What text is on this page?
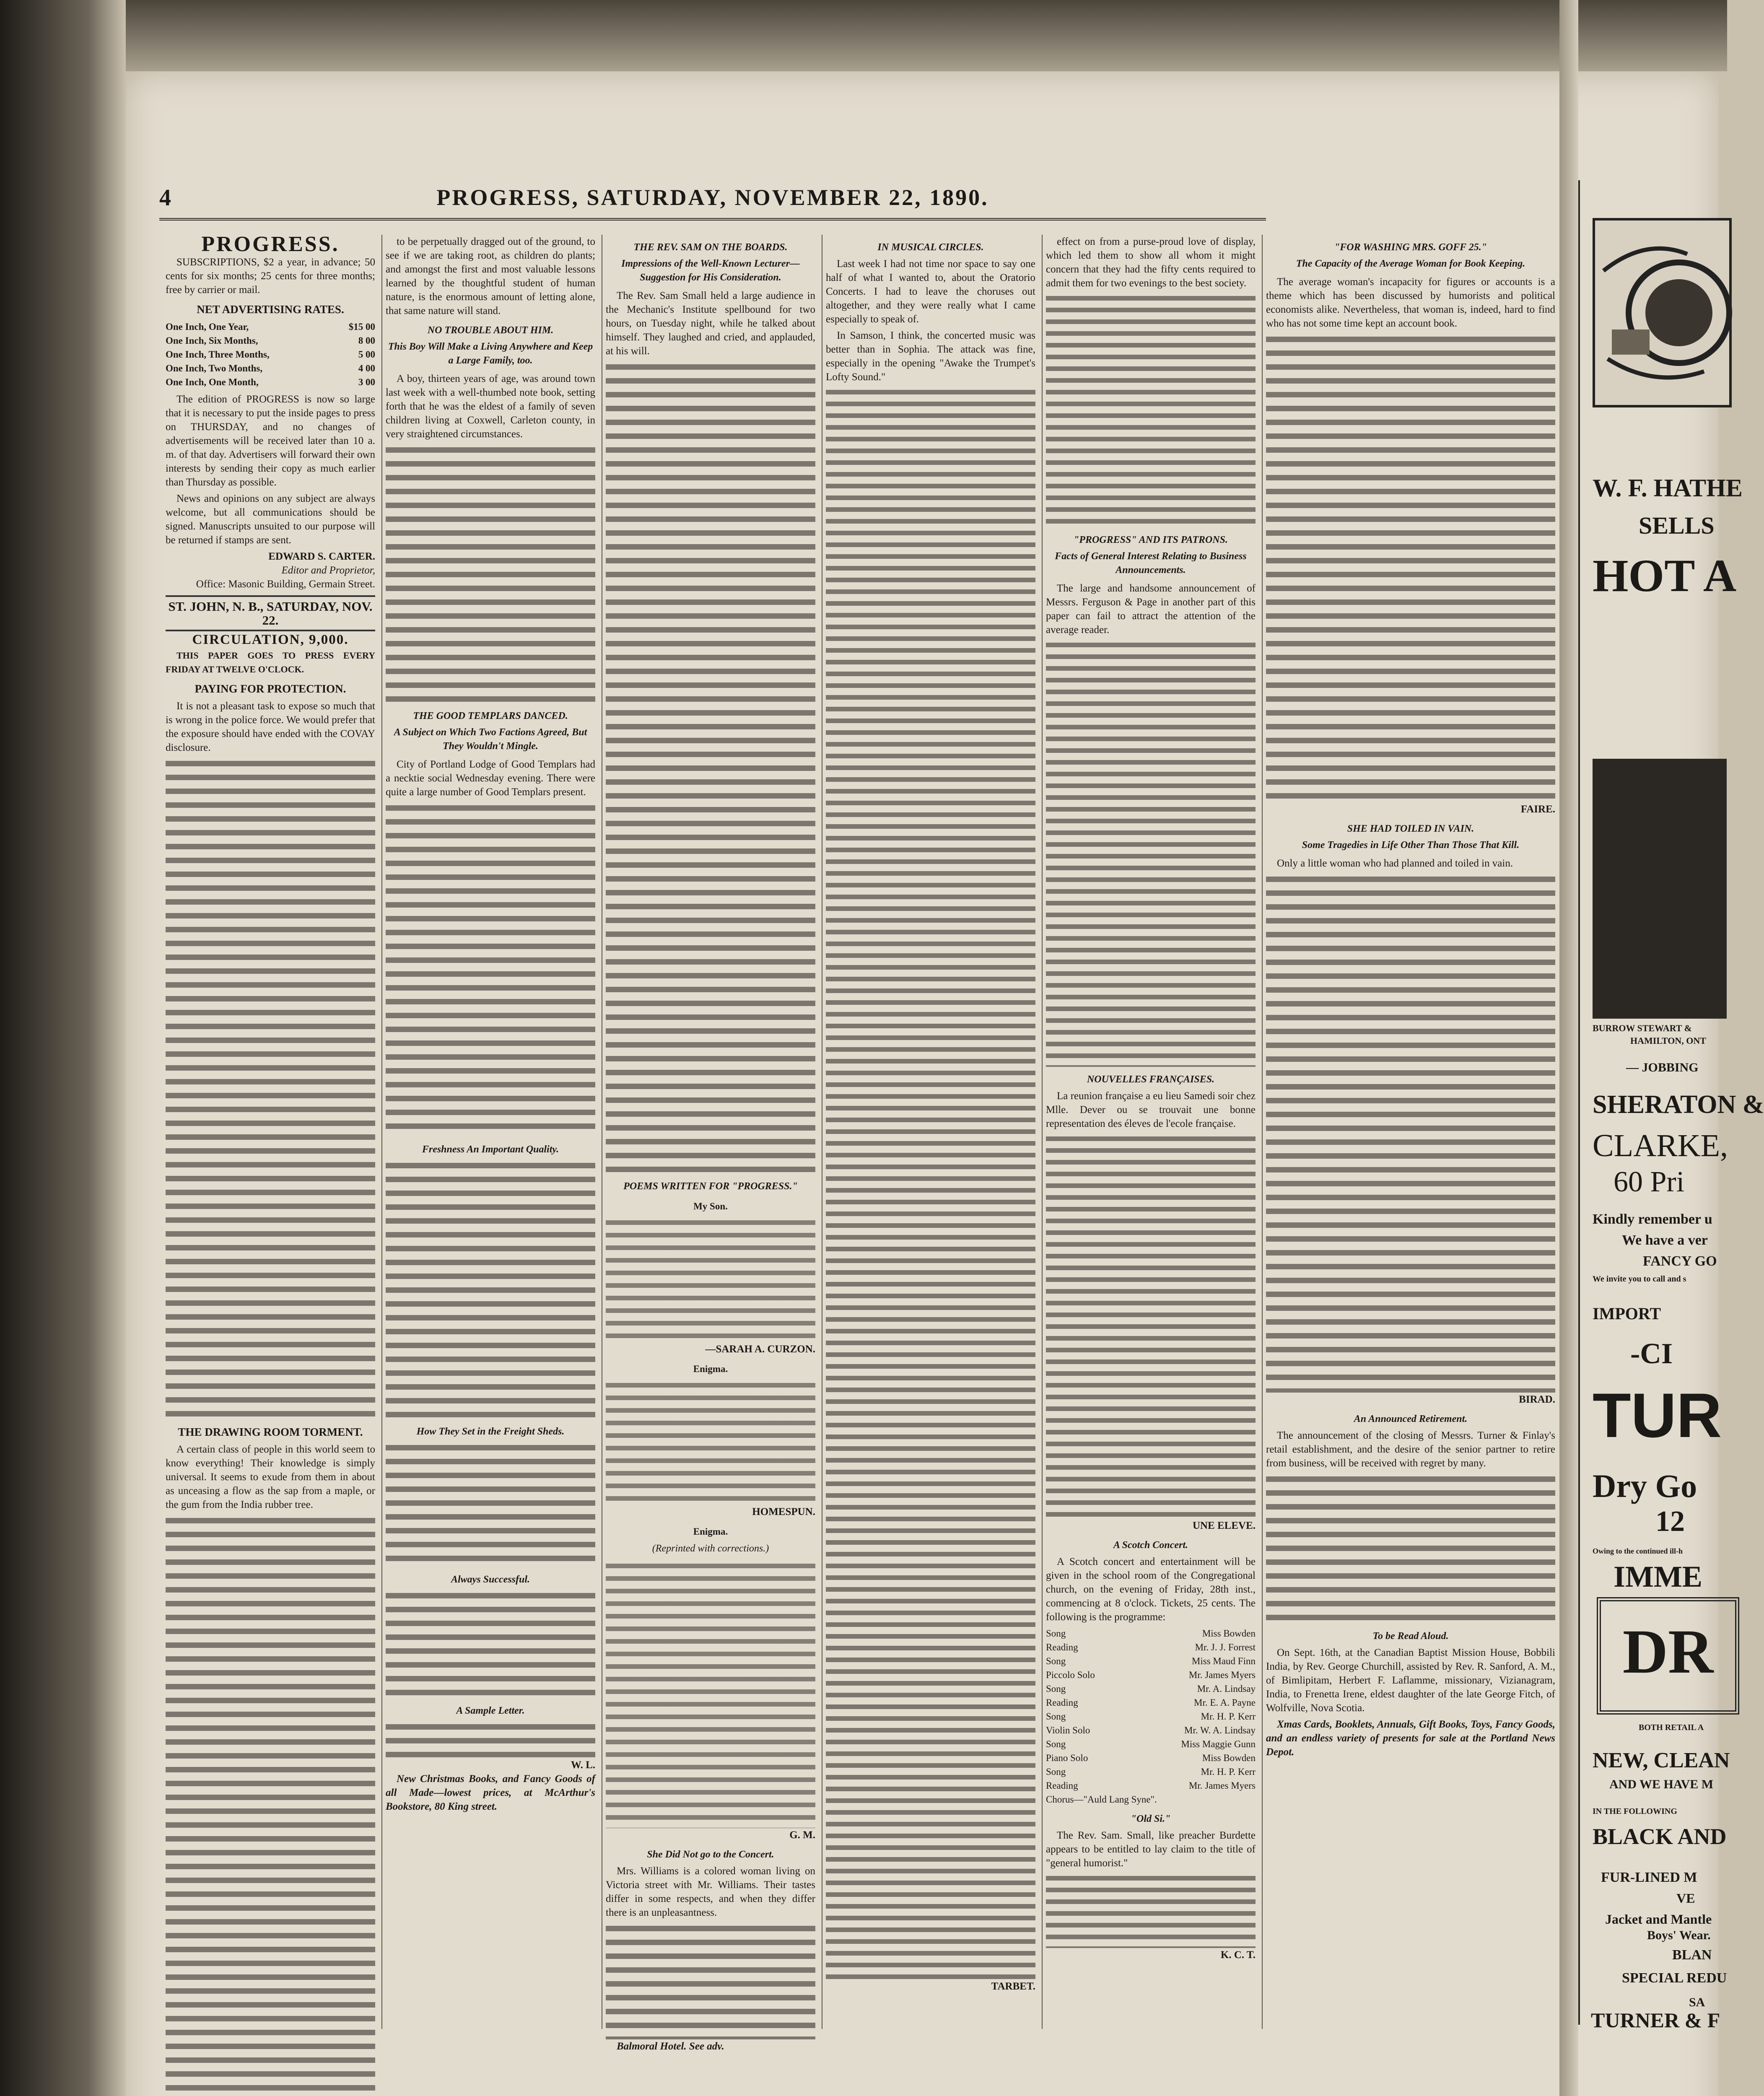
4	PROGRESS, SATURDAY, NOVEMBER 22, 1890.
PROGRESS.

SUBSCRIPTIONS, $2 a year, in advance; 50 cents for six months; 25 cents for three months; free by carrier or mail.

NET ADVERTISING RATES.
One Inch, One Year,	$15 00
One Inch, Six Months,	8 00
One Inch, Three Months,	5 00
One Inch, Two Months,	4 00
One Inch, One Month,	3 00

The edition of PROGRESS is now so large that it is necessary to put the inside pages to press on THURSDAY, and no changes of advertisements will be received later than 10 a. m. of that day. Advertisers will forward their own interests by sending their copy as much earlier than Thursday as possible.

News and opinions on any subject are always welcome, but all communications should be signed. Manuscripts unsuited to our purpose will be returned if stamps are sent.

EDWARD S. CARTER.
Editor and Proprietor,
Office: Masonic Building, Germain Street.
ST. JOHN, N. B., SATURDAY, NOV. 22.
CIRCULATION, 9,000.

THIS PAPER GOES TO PRESS EVERY FRIDAY AT TWELVE O'CLOCK.

PAYING FOR PROTECTION.

It is not a pleasant task to expose so much that is wrong in the police force. We would prefer that the exposure should have ended with the COVAY disclosure.

THE DRAWING ROOM TORMENT.

A certain class of people in this world seem to know everything! Their knowledge is simply universal. It seems to exude from them in about as unceasing a flow as the sap from a maple, or the gum from the India rubber tree.

to be perpetually dragged out of the ground, to see if we are taking root, as children do plants; and amongst the first and most valuable lessons learned by the thoughtful student of human nature, is the enormous amount of letting alone, that same nature will stand.

NO TROUBLE ABOUT HIM.
This Boy Will Make a Living Anywhere and Keep a Large Family, too.

A boy, thirteen years of age, was around town last week with a well-thumbed note book, setting forth that he was the eldest of a family of seven children living at Coxwell, Carleton county, in very straightened circumstances.

THE GOOD TEMPLARS DANCED.
A Subject on Which Two Factions Agreed, But They Wouldn't Mingle.

City of Portland Lodge of Good Templars had a necktie social Wednesday evening. There were quite a large number of Good Templars present.

Freshness An Important Quality.
How They Set in the Freight Sheds.
Always Successful.
A Sample Letter.
W. L.

New Christmas Books, and Fancy Goods of all Made—lowest prices, at McArthur's Bookstore, 80 King street.

THE REV. SAM ON THE BOARDS.
Impressions of the Well-Known Lecturer—Suggestion for His Consideration.

The Rev. Sam Small held a large audience in the Mechanic's Institute spellbound for two hours, on Tuesday night, while he talked about himself. They laughed and cried, and applauded, at his will.

POEMS WRITTEN FOR "PROGRESS."
My Son.
—SARAH A. CURZON.
Enigma.
HOMESPUN.
Enigma.
(Reprinted with corrections.)
G. M.
She Did Not go to the Concert.

Mrs. Williams is a colored woman living on Victoria street with Mr. Williams. Their tastes differ in some respects, and when they differ there is an unpleasantness.

Balmoral Hotel. See adv.

IN MUSICAL CIRCLES.

Last week I had not time nor space to say one half of what I wanted to, about the Oratorio Concerts. I had to leave the choruses out altogether, and they were really what I came especially to speak of.

In Samson, I think, the concerted music was better than in Sophia. The attack was fine, especially in the opening "Awake the Trumpet's Lofty Sound."

TARBET.

effect on from a purse-proud love of display, which led them to show all whom it might concern that they had the fifty cents required to admit them for two evenings to the best society.

"PROGRESS" AND ITS PATRONS.
Facts of General Interest Relating to Business Announcements.

The large and handsome announcement of Messrs. Ferguson & Page in another part of this paper can fail to attract the attention of the average reader.

NOUVELLES FRANÇAISES.

La reunion française a eu lieu Samedi soir chez Mlle. Dever ou se trouvait une bonne representation des éleves de l'ecole française.

UNE ELEVE.
A Scotch Concert.

A Scotch concert and entertainment will be given in the school room of the Congregational church, on the evening of Friday, 28th inst., commencing at 8 o'clock. Tickets, 25 cents. The following is the programme:

Song	Miss Bowden
Reading	Mr. J. J. Forrest
Song	Miss Maud Finn
Piccolo Solo	Mr. James Myers
Song	Mr. A. Lindsay
Reading	Mr. E. A. Payne
Song	Mr. H. P. Kerr
Violin Solo	Mr. W. A. Lindsay
Song	Miss Maggie Gunn
Piano Solo	Miss Bowden
Song	Mr. H. P. Kerr
Reading	Mr. James Myers
Chorus—"Auld Lang Syne".
"Old Si."

The Rev. Sam. Small, like preacher Burdette appears to be entitled to lay claim to the title of "general humorist."

K. C. T.
"FOR WASHING MRS. GOFF 25."
The Capacity of the Average Woman for Book Keeping.

The average woman's incapacity for figures or accounts is a theme which has been discussed by humorists and political economists alike. Nevertheless, that woman is, indeed, hard to find who has not some time kept an account book.

FAIRE.
SHE HAD TOILED IN VAIN.
Some Tragedies in Life Other Than Those That Kill.

Only a little woman who had planned and toiled in vain.

BIRAD.
An Announced Retirement.

The announcement of the closing of Messrs. Turner & Finlay's retail establishment, and the desire of the senior partner to retire from business, will be received with regret by many.

To be Read Aloud.

On Sept. 16th, at the Canadian Baptist Mission House, Bobbili India, by Rev. George Churchill, assisted by Rev. R. Sanford, A. M., of Bimlipitam, Herbert F. Laflamme, missionary, Vizianagram, India, to Frenetta Irene, eldest daughter of the late George Fitch, of Wolfville, Nova Scotia.

Xmas Cards, Booklets, Annuals, Gift Books, Toys, Fancy Goods, and an endless variety of presents for sale at the Portland News Depot.

W. F. HATHE
SELLS
HOT A
BURROW STEWART &
HAMILTON, ONT
— JOBBING
SHERATON &
CLARKE,
60 Pri
Kindly remember u
We have a ver
FANCY GO
We invite you to call and s
IMPORT
-CI
TUR
Dry Go
12
Owing to the continued ill-h
IMME
DR
BOTH RETAIL A
NEW, CLEAN
AND WE HAVE M
IN THE FOLLOWING
BLACK AND
FUR-LINED M
VE
Jacket and Mantle
Boys' Wear.
BLAN
SPECIAL REDU
SA
TURNER & F
